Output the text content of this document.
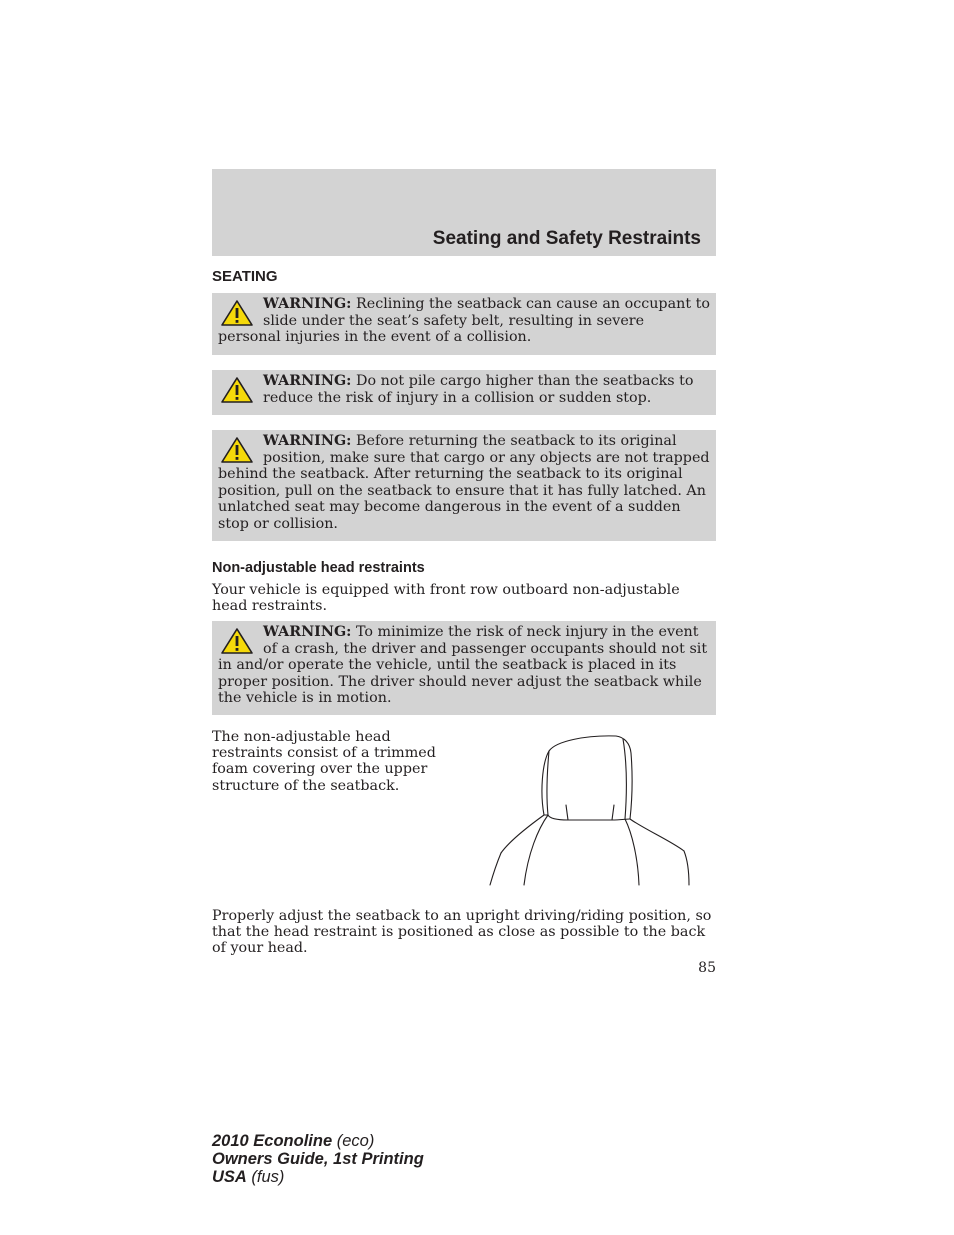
Seating and Safety Restraints
SEATING
WARNING: Reclining the seatback can cause an occupant to slide under the seat’s safety belt, resulting in severe personal injuries in the event of a collision.
WARNING: Do not pile cargo higher than the seatbacks to reduce the risk of injury in a collision or sudden stop.
WARNING: Before returning the seatback to its original position, make sure that cargo or any objects are not trapped behind the seatback. After returning the seatback to its original position, pull on the seatback to ensure that it has fully latched. An unlatched seat may become dangerous in the event of a sudden stop or collision.
Non-adjustable head restraints
Your vehicle is equipped with front row outboard non-adjustable head restraints.
WARNING: To minimize the risk of neck injury in the event of a crash, the driver and passenger occupants should not sit in and/or operate the vehicle, until the seatback is placed in its proper position. The driver should never adjust the seatback while the vehicle is in motion.
The non-adjustable head restraints consist of a trimmed foam covering over the upper structure of the seatback.
Properly adjust the seatback to an upright driving/riding position, so that the head restraint is positioned as close as possible to the back of your head.
85
2010 Econoline (eco)
Owners Guide, 1st Printing
USA (fus)
